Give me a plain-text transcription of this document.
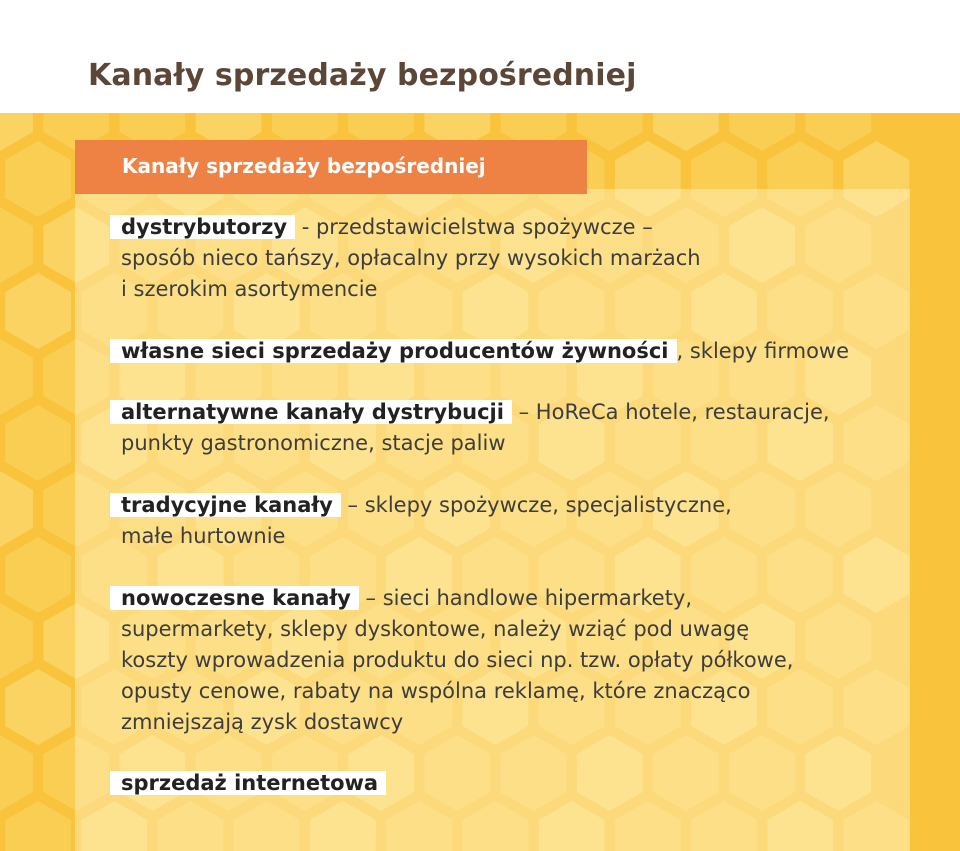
Kanały sprzedaży bezpośredniej
Kanały sprzedaży bezpośredniej
dystrybutorzy - przedstawicielstwa spożywcze –
sposób nieco tańszy, opłacalny przy wysokich marżach
i szerokim asortymencie
własne sieci sprzedaży producentów żywności , sklepy firmowe
alternatywne kanały dystrybucji – HoReCa hotele, restauracje,
punkty gastronomiczne, stacje paliw
tradycyjne kanały – sklepy spożywcze, specjalistyczne,
małe hurtownie
nowoczesne kanały – sieci handlowe hipermarkety,
supermarkety, sklepy dyskontowe, należy wziąć pod uwagę
koszty wprowadzenia produktu do sieci np. tzw. opłaty półkowe,
opusty cenowe, rabaty na wspólna reklamę, które znacząco
zmniejszają zysk dostawcy
sprzedaż internetowa
